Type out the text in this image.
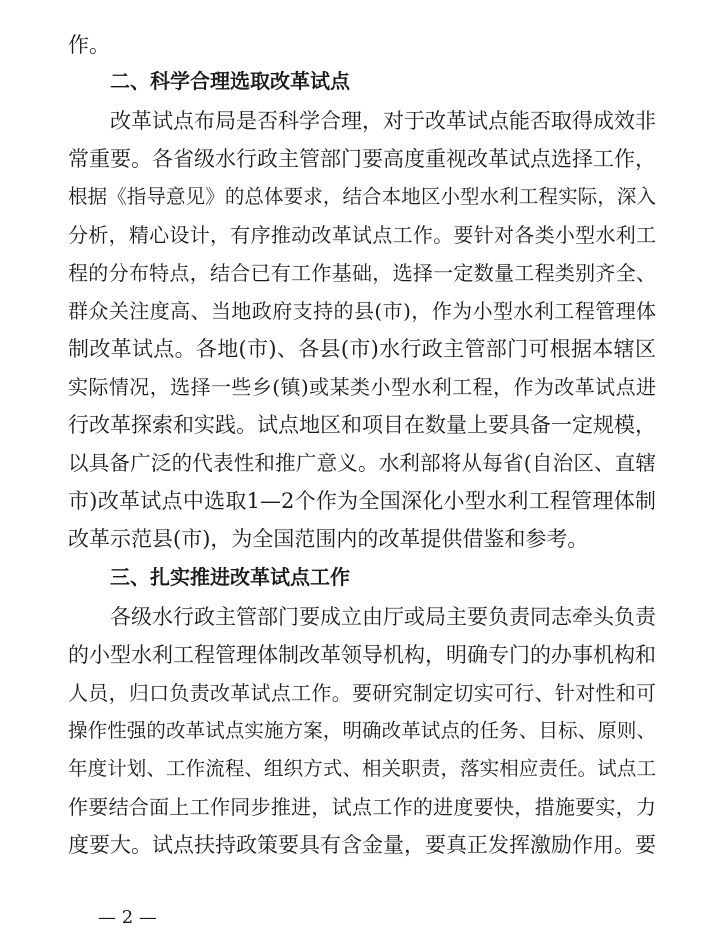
作。
二、科学合理选取改革试点
改革试点布局是否科学合理，对于改革试点能否取得成效非
常重要。各省级水行政主管部门要高度重视改革试点选择工作，
根据《指导意见》的总体要求，结合本地区小型水利工程实际，深入
分析，精心设计，有序推动改革试点工作。要针对各类小型水利工
程的分布特点，结合已有工作基础，选择一定数量工程类别齐全、
群众关注度高、当地政府支持的县(市)，作为小型水利工程管理体
制改革试点。各地(市)、各县(市)水行政主管部门可根据本辖区
实际情况，选择一些乡(镇)或某类小型水利工程，作为改革试点进
行改革探索和实践。试点地区和项目在数量上要具备一定规模，
以具备广泛的代表性和推广意义。水利部将从每省(自治区、直辖
市)改革试点中选取1—2个作为全国深化小型水利工程管理体制
改革示范县(市)，为全国范围内的改革提供借鉴和参考。
三、扎实推进改革试点工作
各级水行政主管部门要成立由厅或局主要负责同志牵头负责
的小型水利工程管理体制改革领导机构，明确专门的办事机构和
人员，归口负责改革试点工作。要研究制定切实可行、针对性和可
操作性强的改革试点实施方案，明确改革试点的任务、目标、原则、
年度计划、工作流程、组织方式、相关职责，落实相应责任。试点工
作要结合面上工作同步推进，试点工作的进度要快，措施要实，力
度要大。试点扶持政策要具有含金量，要真正发挥激励作用。要
— 2 —
